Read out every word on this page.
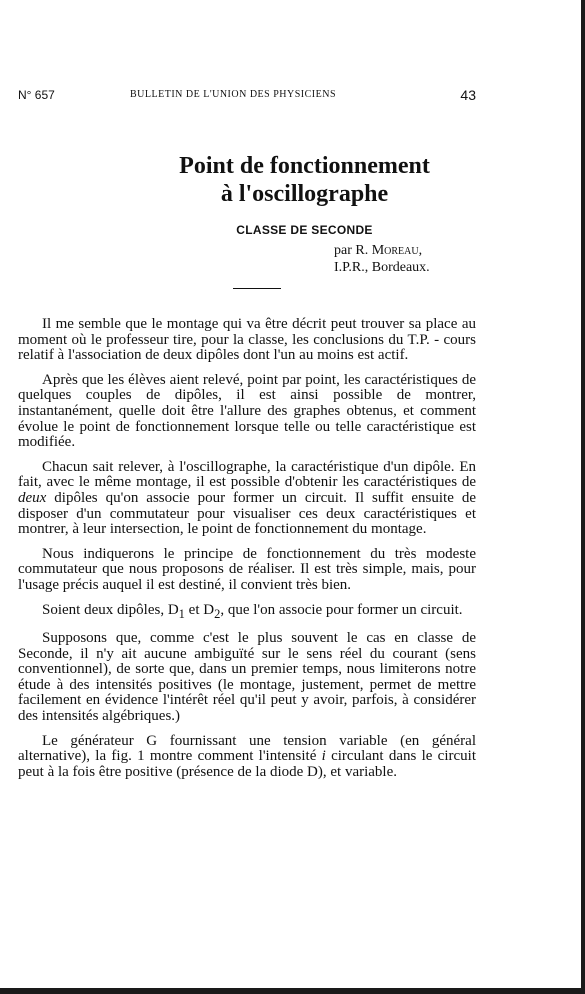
N° 657	BULLETIN DE L'UNION DES PHYSICIENS	43
Point de fonctionnement
à l'oscillographe
CLASSE DE SECONDE
par R. Moreau,
I.P.R., Bordeaux.

Il me semble que le montage qui va être décrit peut trouver sa place au moment où le professeur tire, pour la classe, les conclusions du T.P. - cours relatif à l'association de deux dipôles dont l'un au moins est actif.

Après que les élèves aient relevé, point par point, les caractéristiques de quelques couples de dipôles, il est ainsi possible de montrer, instantanément, quelle doit être l'allure des graphes obtenus, et comment évolue le point de fonctionnement lorsque telle ou telle caractéristique est modifiée.

Chacun sait relever, à l'oscillographe, la caractéristique d'un dipôle. En fait, avec le même montage, il est possible d'obtenir les caractéristiques de deux dipôles qu'on associe pour former un circuit. Il suffit ensuite de disposer d'un commutateur pour visualiser ces deux caractéristiques et montrer, à leur intersection, le point de fonctionnement du montage.

Nous indiquerons le principe de fonctionnement du très modeste commutateur que nous proposons de réaliser. Il est très simple, mais, pour l'usage précis auquel il est destiné, il convient très bien.

Soient deux dipôles, $D_1$ et $D_2$, que l'on associe pour former un circuit.

Supposons que, comme c'est le plus souvent le cas en classe de Seconde, il n'y ait aucune ambiguïté sur le sens réel du courant (sens conventionnel), de sorte que, dans un premier temps, nous limiterons notre étude à des intensités positives (le montage, justement, permet de mettre facilement en évidence l'intérêt réel qu'il peut y avoir, parfois, à considérer des intensités algébriques.)

Le générateur G fournissant une tension variable (en général alternative), la fig. 1 montre comment l'intensité i circulant dans le circuit peut à la fois être positive (présence de la diode D), et variable.
